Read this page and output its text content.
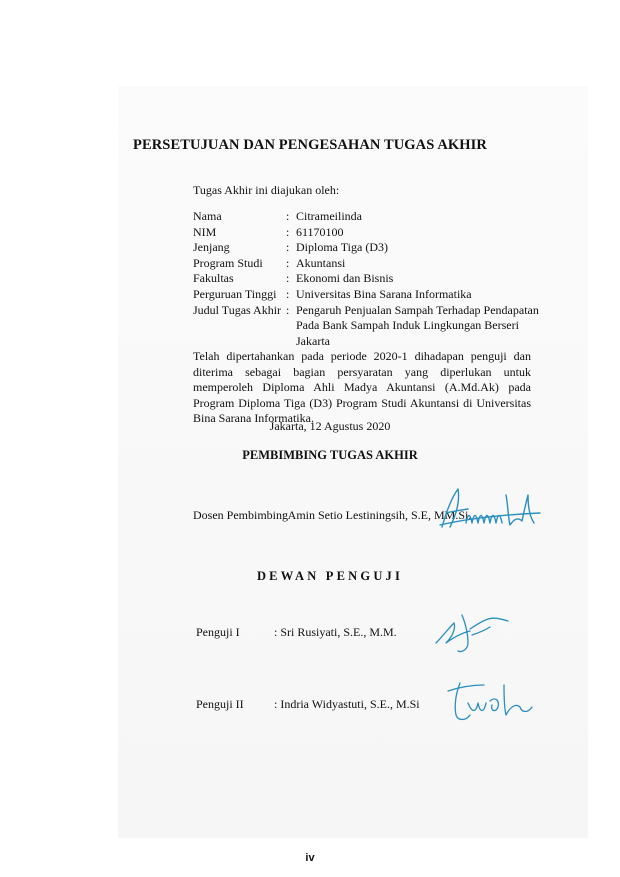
PERSETUJUAN DAN PENGESAHAN TUGAS AKHIR
Tugas Akhir ini diajukan oleh:
Nama	: Citrameilinda
NIM	: 61170100
Jenjang	: Diploma Tiga (D3)
Program Studi	: Akuntansi
Fakultas	: Ekonomi dan Bisnis
Perguruan Tinggi : Universitas Bina Sarana Informatika
Judul Tugas Akhir : Pengaruh Penjualan Sampah Terhadap Pendapatan Pada Bank Sampah Induk Lingkungan Berseri Jakarta
Telah dipertahankan pada periode 2020-1 dihadapan penguji dan diterima sebagai bagian persyaratan yang diperlukan untuk memperoleh Diploma Ahli Madya Akuntansi (A.Md.Ak) pada Program Diploma Tiga (D3) Program Studi Akuntansi di Universitas Bina Sarana Informatika.
Jakarta, 12 Agustus 2020
PEMBIMBING TUGAS AKHIR
Dosen Pembimbing
: Amin Setio Lestiningsih, S.E, MM.Si.
DEWAN PENGUJI
Penguji I	: Sri Rusiyati, S.E., M.M.
Penguji II	: Indria Widyastuti, S.E., M.Si
iv
